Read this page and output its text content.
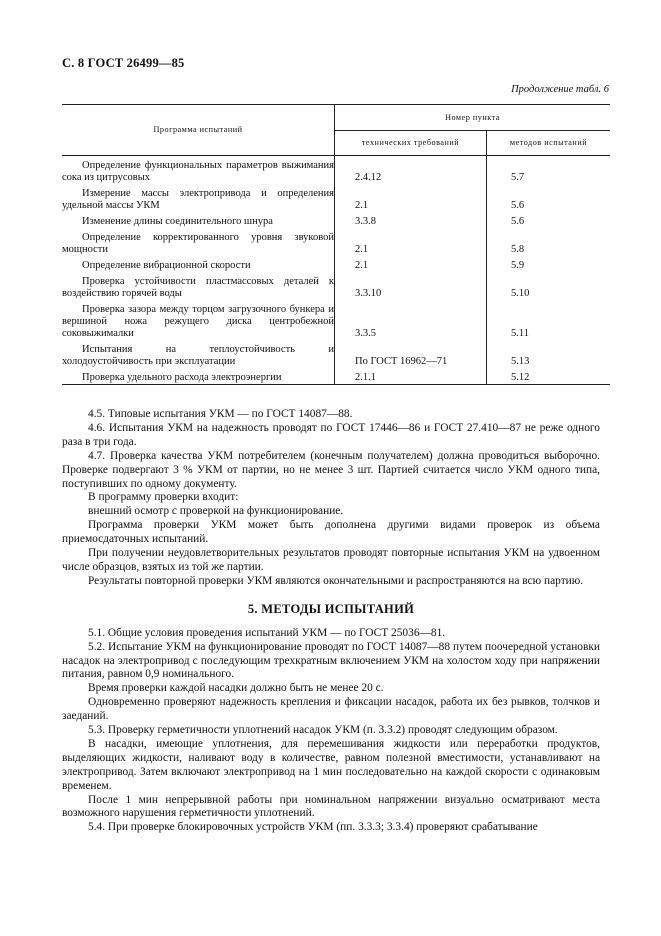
С. 8 ГОСТ 26499—85
Продолжение табл. 6
Программа испытаний	Номер пункта	
	технических требований	методов испытаний
Определение функциональных параметров выжимания сока из цитрусовых	2.4.12	5.7
Измерение массы электропривода и определения удельной массы УКМ	2.1	5.6
Изменение длины соединительного шнура	3.3.8	5.6
Определение корректированного уровня звуковой мощности	2.1	5.8
Определение вибрационной скорости	2.1	5.9
Проверка устойчивости пластмассовых деталей к воздействию горячей воды	3.3.10	5.10
Проверка зазора между торцом загрузочного бункера и вершиной ножа режущего диска центробежной соковыжималки	3.3.5	5.11
Испытания на теплоустойчивость и холодоустойчивость при эксплуатации	По ГОСТ 16962—71	5.13
Проверка удельного расхода электроэнергии	2.1.1	5.12

4.5. Типовые испытания УКМ — по ГОСТ 14087—88.

4.6. Испытания УКМ на надежность проводят по ГОСТ 17446—86 и ГОСТ 27.410—87 не реже одного раза в три года.

4.7. Проверка качества УКМ потребителем (конечным получателем) должна проводиться выборочно. Проверке подвергают 3 % УКМ от партии, но не менее 3 шт. Партией считается число УКМ одного типа, поступивших по одному документу.

В программу проверки входит:

внешний осмотр с проверкой на функционирование.

Программа проверки УКМ может быть дополнена другими видами проверок из объема приемосдаточных испытаний.

При получении неудовлетворительных результатов проводят повторные испытания УКМ на удвоенном числе образцов, взятых из той же партии.

Результаты повторной проверки УКМ являются окончательными и распространяются на всю партию.

5. МЕТОДЫ ИСПЫТАНИЙ

5.1. Общие условия проведения испытаний УКМ — по ГОСТ 25036—81.

5.2. Испытание УКМ на функционирование проводят по ГОСТ 14087—88 путем поочередной установки насадок на электропривод с последующим трехкратным включением УКМ на холостом ходу при напряжении питания, равном 0,9 номинального.

Время проверки каждой насадки должно быть не менее 20 с.

Одновременно проверяют надежность крепления и фиксации насадок, работа их без рывков, толчков и заеданий.

5.3. Проверку герметичности уплотнений насадок УКМ (п. 3.3.2) проводят следующим образом.

В насадки, имеющие уплотнения, для перемешивания жидкости или переработки продуктов, выделяющих жидкости, наливают воду в количестве, равном полезной вместимости, устанавливают на электропривод. Затем включают электропривод на 1 мин последовательно на каждой скорости с одинаковым временем.

После 1 мин непрерывной работы при номинальном напряжении визуально осматривают места возможного нарушения герметичности уплотнений.

5.4. При проверке блокировочных устройств УКМ (пп. 3.3.3; 3.3.4) проверяют срабатывание
